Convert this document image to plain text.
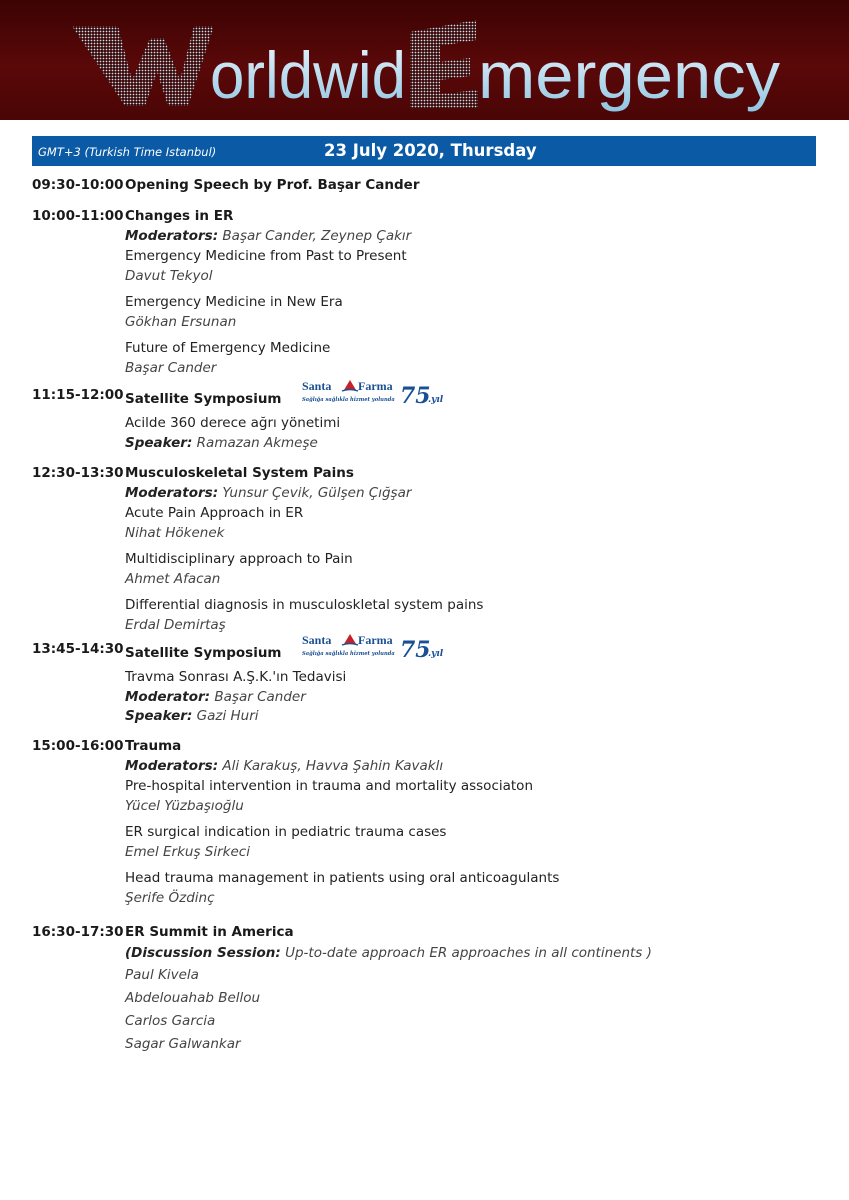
orldwid mergency
GMT+3 (Turkish Time Istanbul)	23 July 2020, Thursday
09:30-10:00 Opening Speech by Prof. Başar Cander
10:00-11:00 Changes in ER
Moderators: Başar Cander, Zeynep Çakır
Emergency Medicine from Past to Present
Davut Tekyol
Emergency Medicine in New Era
Gökhan Ersunan
Future of Emergency Medicine
Başar Cander
11:15-12:00 Satellite Symposium
Santa Farma
Sağlığa sağlıkla hizmet yolunda 75
.yıl
Acilde 360 derece ağrı yönetimi
Speaker: Ramazan Akmeşe
12:30-13:30 Musculoskeletal System Pains
Moderators: Yunsur Çevik, Gülşen Çığşar
Acute Pain Approach in ER
Nihat Hökenek
Multidisciplinary approach to Pain
Ahmet Afacan
Differential diagnosis in musculoskletal system pains
Erdal Demirtaş
13:45-14:30 Satellite Symposium
Santa Farma
Sağlığa sağlıkla hizmet yolunda 75
.yıl
Travma Sonrası A.Ş.K.'ın Tedavisi
Moderator: Başar Cander
Speaker: Gazi Huri
15:00-16:00 Trauma
Moderators: Ali Karakuş, Havva Şahin Kavaklı
Pre-hospital intervention in trauma and mortality associaton
Yücel Yüzbaşıoğlu
ER surgical indication in pediatric trauma cases
Emel Erkuş Sirkeci
Head trauma management in patients using oral anticoagulants
Şerife Özdinç
16:30-17:30 ER Summit in America
(Discussion Session: Up-to-date approach ER approaches in all continents )
Paul Kivela
Abdelouahab Bellou
Carlos Garcia
Sagar Galwankar
